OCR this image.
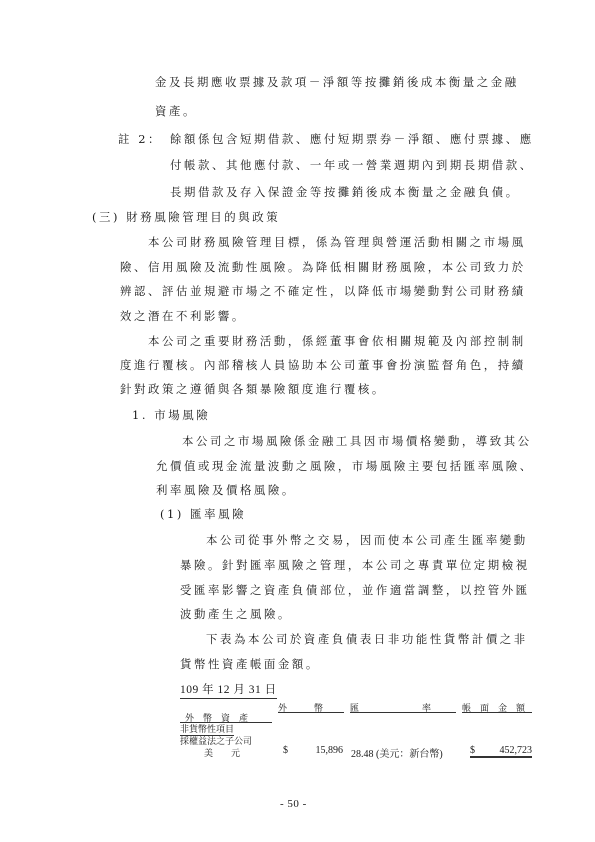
金及長期應收票據及款項－淨額等按攤銷後成本衡量之金融
資產。
註 2： 餘額係包含短期借款、應付短期票券－淨額、應付票據、應
付帳款、其他應付款、一年或一營業週期內到期長期借款、
長期借款及存入保證金等按攤銷後成本衡量之金融負債。
(三) 財務風險管理目的與政策
本公司財務風險管理目標，係為管理與營運活動相關之市場風
險、信用風險及流動性風險。為降低相關財務風險，本公司致力於
辨認、評估並規避市場之不確定性，以降低市場變動對公司財務績
效之潛在不利影響。
本公司之重要財務活動，係經董事會依相關規範及內部控制制
度進行覆核。內部稽核人員協助本公司董事會扮演監督角色，持續
針對政策之遵循與各類暴險額度進行覆核。
1. 市場風險
本公司之市場風險係金融工具因市場價格變動，導致其公
允價值或現金流量波動之風險，市場風險主要包括匯率風險、
利率風險及價格風險。
(1) 匯率風險
本公司從事外幣之交易，因而使本公司產生匯率變動
暴險。針對匯率風險之管理，本公司之專責單位定期檢視
受匯率影響之資產負債部位，並作適當調整，以控管外匯
波動產生之風險。
下表為本公司於資產負債表日非功能性貨幣計價之非
貨幣性資產帳面金額。
109 年 12 月 31 日
外　　　幣	匯　　　　　　　率	帳　面　金　額
外　幣　資　產
非貨幣性項目
採權益法之子公司
美　　元	$	15,896 28.48 (美元：新台幣)	$ 452,723
- 50 -
